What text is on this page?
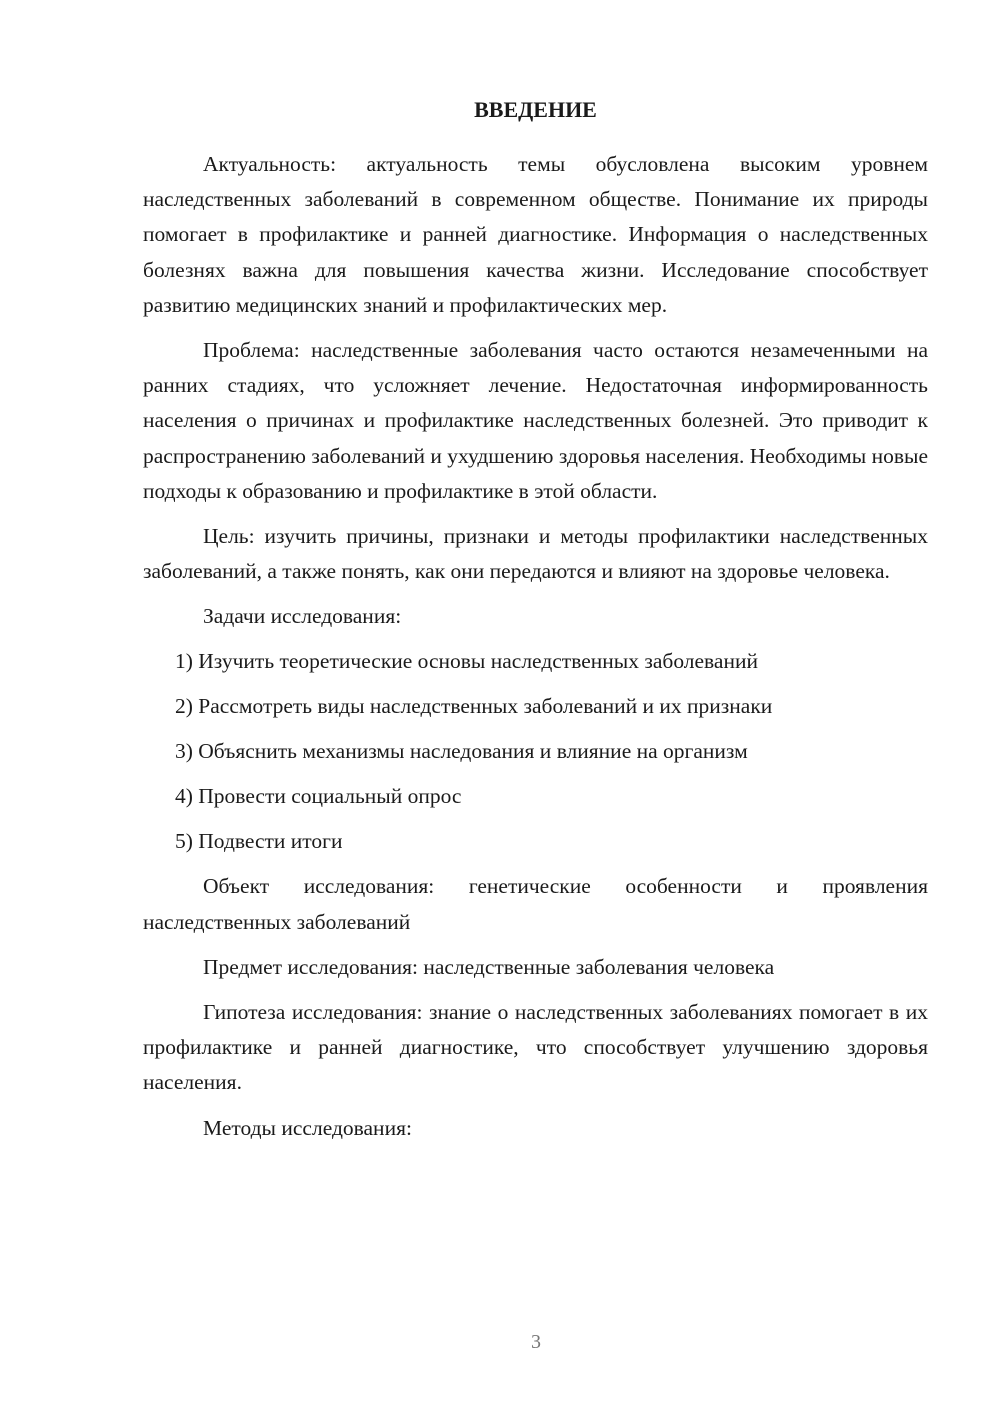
ВВЕДЕНИЕ

Актуальность: актуальность темы обусловлена высоким уровнем наследственных заболеваний в современном обществе. Понимание их природы помогает в профилактике и ранней диагностике. Информация о наследственных болезнях важна для повышения качества жизни. Исследование способствует развитию медицинских знаний и профилактических мер.

Проблема: наследственные заболевания часто остаются незамеченными на ранних стадиях, что усложняет лечение. Недостаточная информированность населения о причинах и профилактике наследственных болезней. Это приводит к распространению заболеваний и ухудшению здоровья населения. Необходимы новые подходы к образованию и профилактике в этой области.

Цель: изучить причины, признаки и методы профилактики наследственных заболеваний, а также понять, как они передаются и влияют на здоровье человека.

Задачи исследования:

1) Изучить теоретические основы наследственных заболеваний
2) Рассмотреть виды наследственных заболеваний и их признаки
3) Объяснить механизмы наследования и влияние на организм
4) Провести социальный опрос
5) Подвести итоги

Объект исследования: генетические особенности и проявления наследственных заболеваний

Предмет исследования: наследственные заболевания человека

Гипотеза исследования: знание о наследственных заболеваниях помогает в их профилактике и ранней диагностике, что способствует улучшению здоровья населения.

Методы исследования:

3
